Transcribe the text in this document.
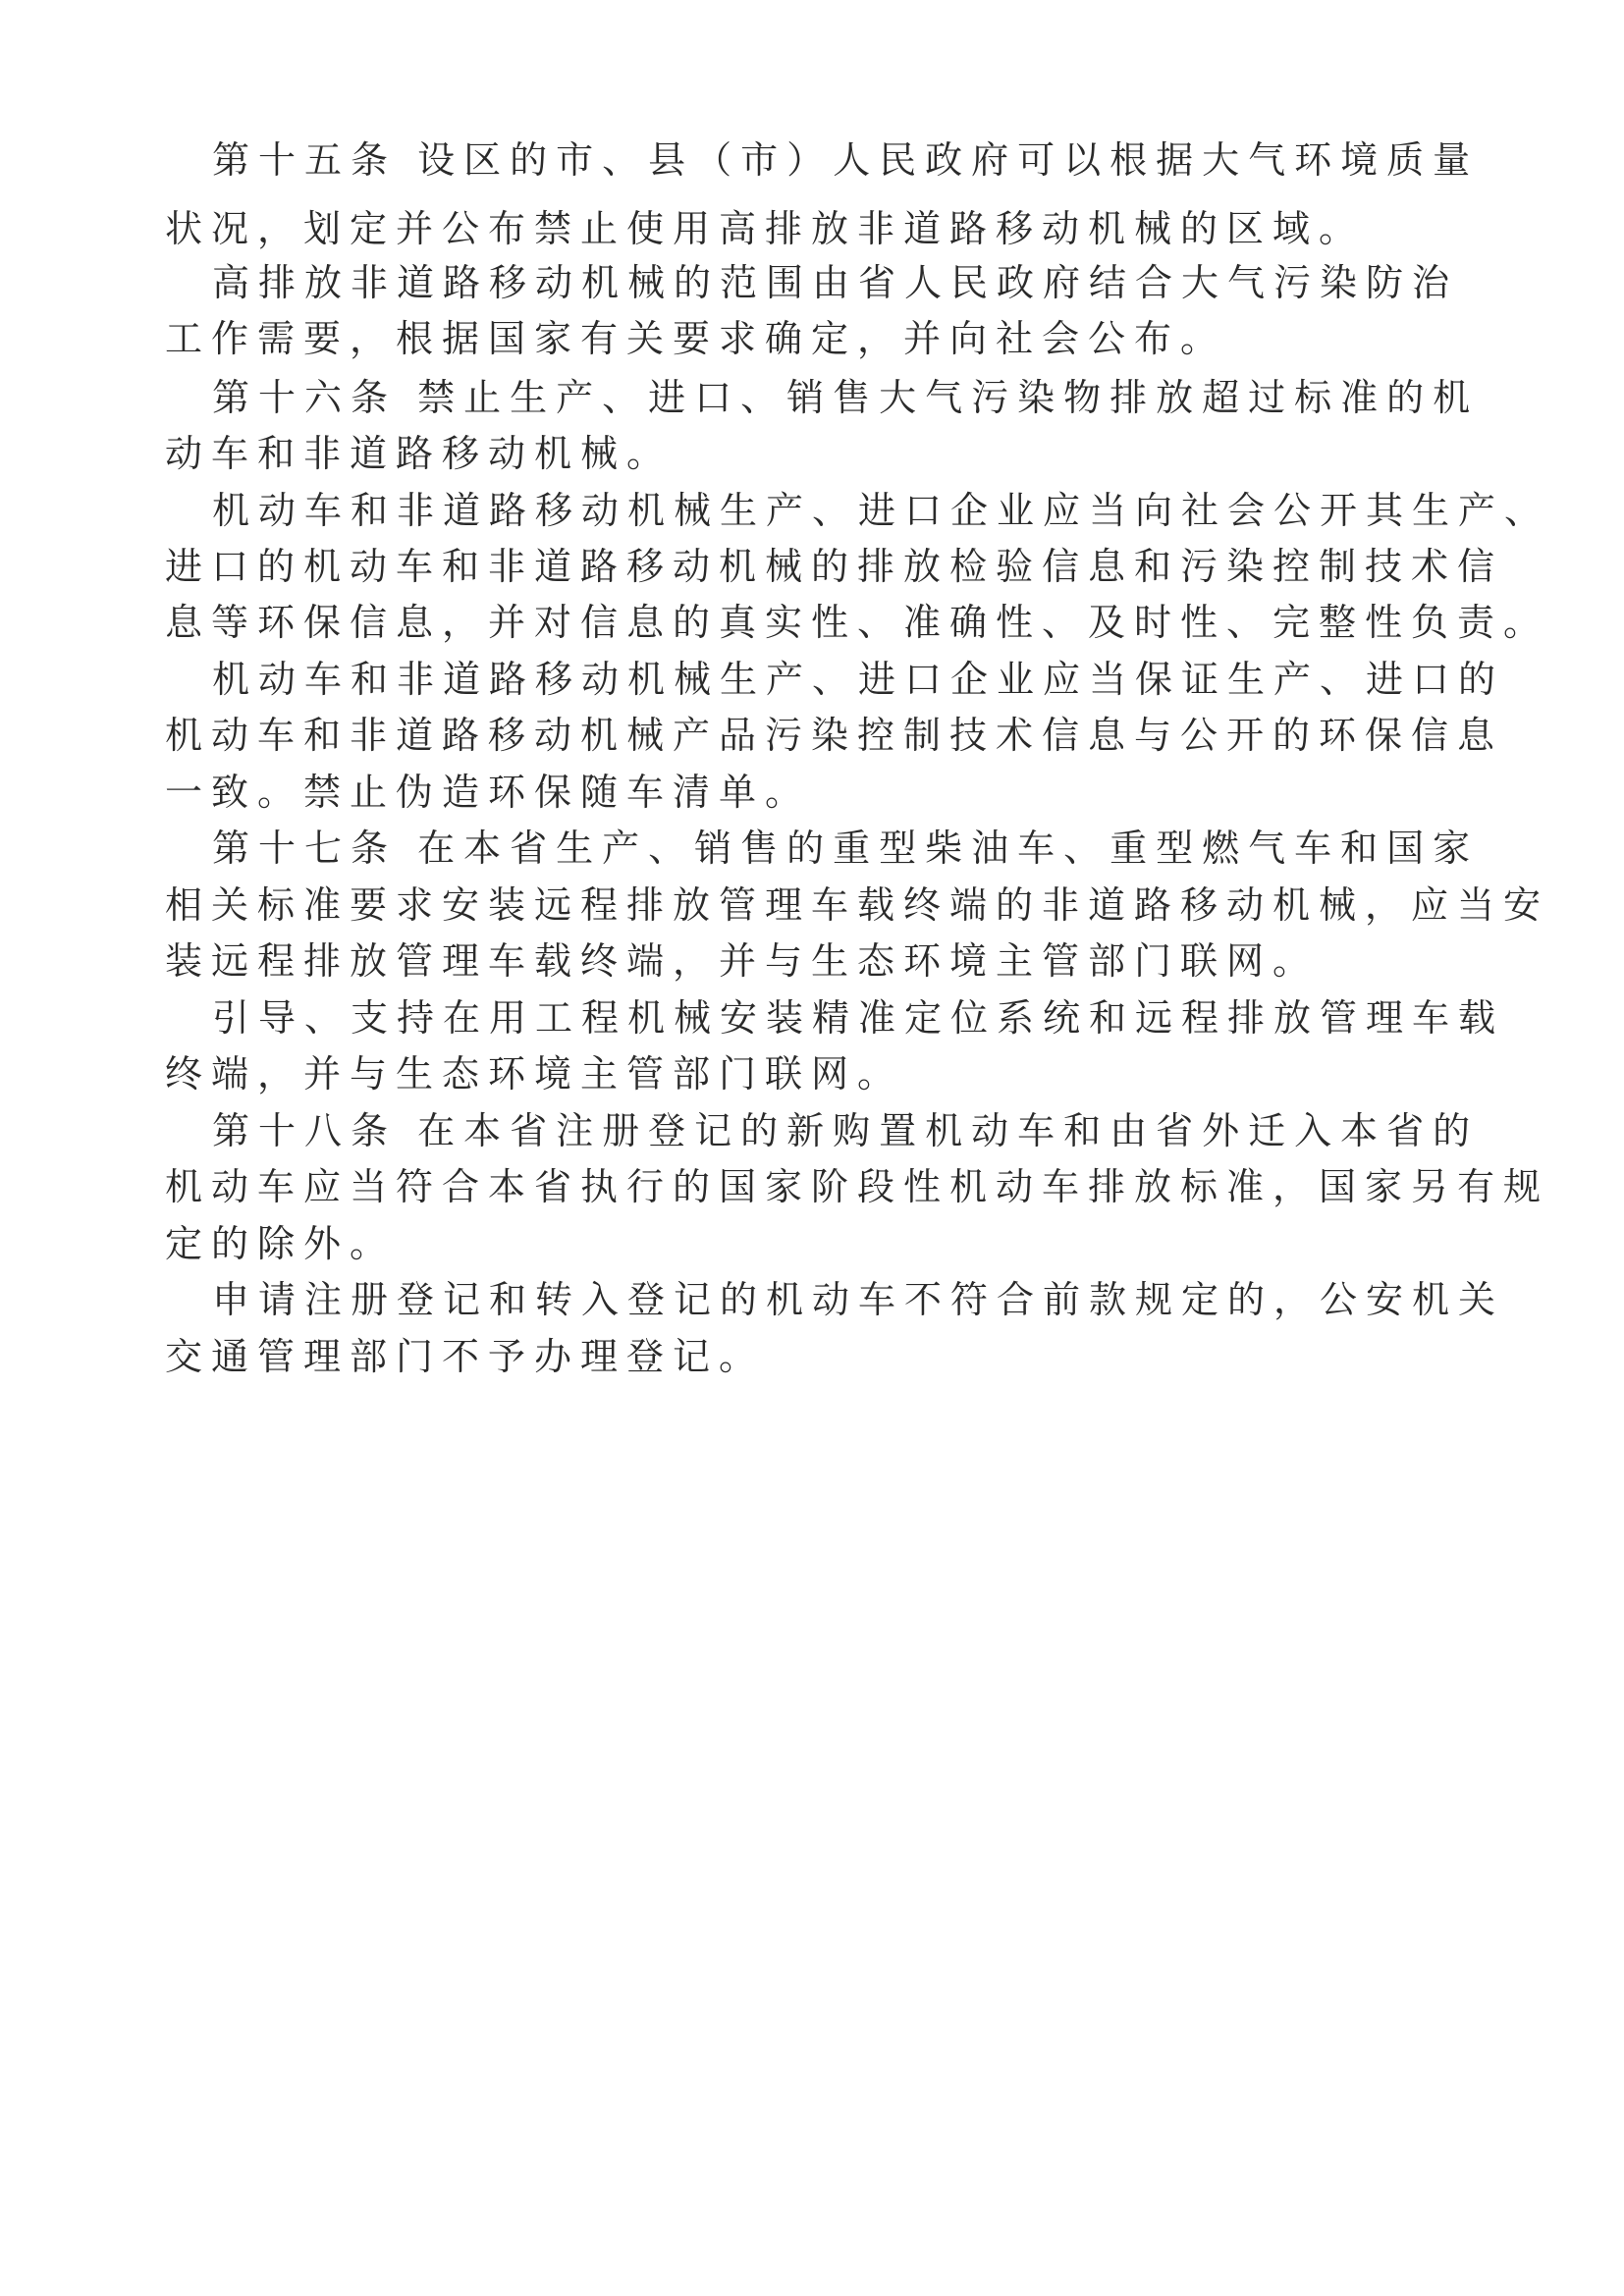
第十五条 设区的市、县（市）人民政府可以根据大气环境质量
状况，划定并公布禁止使用高排放非道路移动机械的区域。
高排放非道路移动机械的范围由省人民政府结合大气污染防治
工作需要，根据国家有关要求确定，并向社会公布。
第十六条 禁止生产、进口、销售大气污染物排放超过标准的机
动车和非道路移动机械。
机动车和非道路移动机械生产、进口企业应当向社会公开其生产、
进口的机动车和非道路移动机械的排放检验信息和污染控制技术信
息等环保信息，并对信息的真实性、准确性、及时性、完整性负责。
机动车和非道路移动机械生产、进口企业应当保证生产、进口的
机动车和非道路移动机械产品污染控制技术信息与公开的环保信息
一致。禁止伪造环保随车清单。
第十七条 在本省生产、销售的重型柴油车、重型燃气车和国家
相关标准要求安装远程排放管理车载终端的非道路移动机械，应当安
装远程排放管理车载终端，并与生态环境主管部门联网。
引导、支持在用工程机械安装精准定位系统和远程排放管理车载
终端，并与生态环境主管部门联网。
第十八条 在本省注册登记的新购置机动车和由省外迁入本省的
机动车应当符合本省执行的国家阶段性机动车排放标准，国家另有规
定的除外。
申请注册登记和转入登记的机动车不符合前款规定的，公安机关
交通管理部门不予办理登记。
